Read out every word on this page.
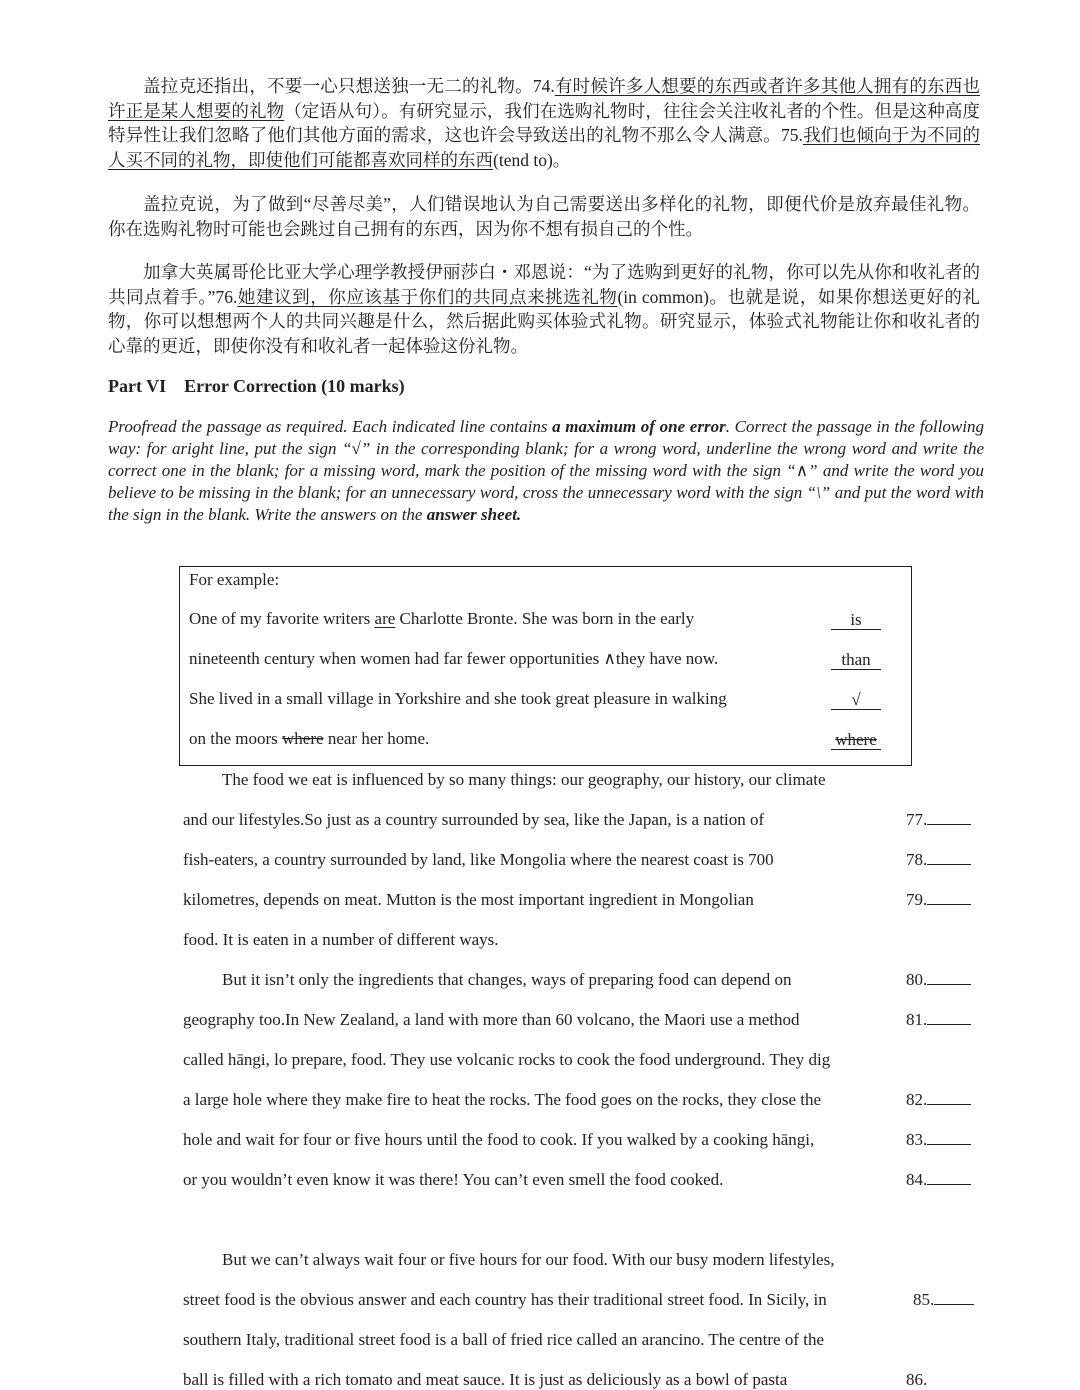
盖拉克还指出，不要一心只想送独一无二的礼物。74.有时候许多人想要的东西或者许多其他人拥有的东西也许正是某人想要的礼物（定语从句）。有研究显示，我们在选购礼物时，往往会关注收礼者的个性。但是这种高度特异性让我们忽略了他们其他方面的需求，这也许会导致送出的礼物不那么令人满意。75.我们也倾向于为不同的人买不同的礼物，即使他们可能都喜欢同样的东西(tend to)。
盖拉克说，为了做到“尽善尽美”，人们错误地认为自己需要送出多样化的礼物，即便代价是放弃最佳礼物。你在选购礼物时可能也会跳过自己拥有的东西，因为你不想有损自己的个性。
加拿大英属哥伦比亚大学心理学教授伊丽莎白・邓恩说：“为了选购到更好的礼物，你可以先从你和收礼者的共同点着手。”76.她建议到，你应该基于你们的共同点来挑选礼物(in common)。也就是说，如果你想送更好的礼物，你可以想想两个人的共同兴趣是什么，然后据此购买体验式礼物。研究显示，体验式礼物能让你和收礼者的心靠的更近，即使你没有和收礼者一起体验这份礼物。
Part VI    Error Correction (10 marks)
Proofread the passage as required. Each indicated line contains a maximum of one error. Correct the passage in the following way: for aright line, put the sign “√” in the corresponding blank; for a wrong word, underline the wrong word and write the correct one in the blank; for a missing word, mark the position of the missing word with the sign “∧” and write the word you believe to be missing in the blank; for an unnecessary word, cross the unnecessary word with the sign “\” and put the word with the sign in the blank. Write the answers on the answer sheet.
For example:
One of my favorite writers are Charlotte Bronte. She was born in the early	is
nineteenth century when women had far fewer opportunities ∧they have now.	than
She lived in a small village in Yorkshire and she took great pleasure in walking	√
on the moors where near her home.	where
The food we eat is influenced by so many things: our geography, our history, our climate
and our lifestyles.So just as a country surrounded by sea, like the Japan, is a nation of	77.
fish-eaters, a country surrounded by land, like Mongolia where the nearest coast is 700	78.
kilometres, depends on meat. Mutton is the most important ingredient in Mongolian	79.
food. It is eaten in a number of different ways.
But it isn’t only the ingredients that changes, ways of preparing food can depend on	80.
geography too.In New Zealand, a land with more than 60 volcano, the Maori use a method	81.
called hāngi, lo prepare, food. They use volcanic rocks to cook the food underground. They dig
a large hole where they make fire to heat the rocks. The food goes on the rocks, they close the	82.
hole and wait for four or five hours until the food to cook. If you walked by a cooking hāngi,	83.
or you wouldn’t even know it was there! You can’t even smell the food cooked.	84.
But we can’t always wait four or five hours for our food. With our busy modern lifestyles,
street food is the obvious answer and each country has their traditional street food. In Sicily, in	85.
southern Italy, traditional street food is a ball of fried rice called an arancino. The centre of the
ball is filled with a rich tomato and meat sauce. It is just as deliciously as a bowl of pasta	86.
